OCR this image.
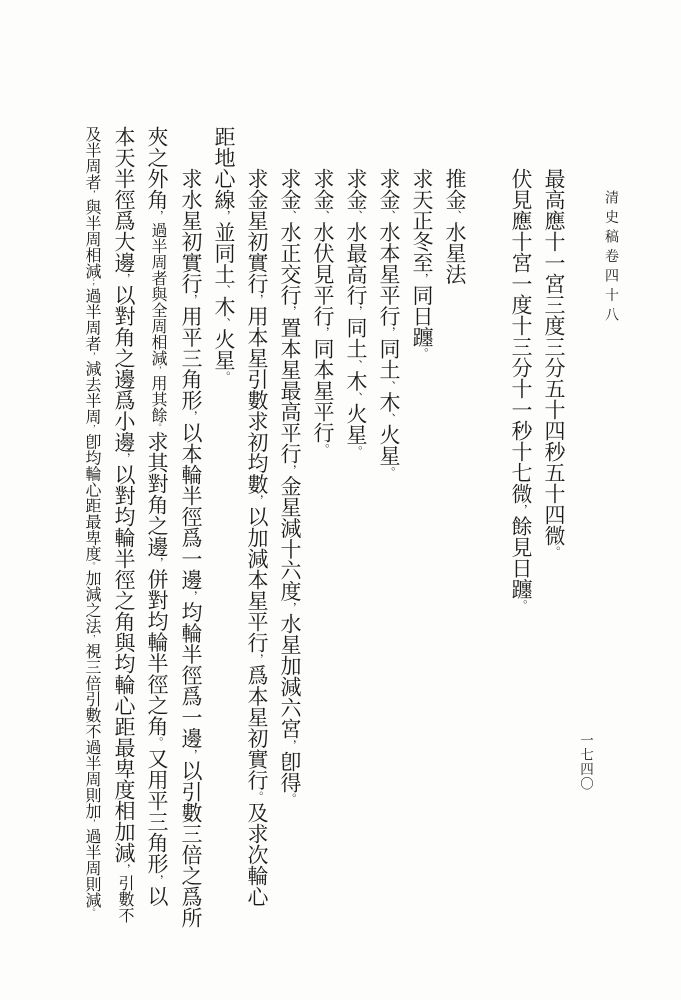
清史稿卷四十八
一七四〇
最高應十一宮三度三分五十四秒五十四微。
伏見應十宮一度十三分十一秒十七微，餘見日躔。
推金、水星法
求天正冬至，同日躔。
求金、水本星平行，同土、木、火星。
求金、水最高行，同土、木、火星。
求金、水伏見平行，同本星平行。
求金、水正交行，置本星最高平行，金星減十六度，水星加減六宮，卽得。
求金星初實行，用本星引數求初均數，以加減本星平行，爲本星初實行。及求次輪心
距地心線，並同土、木、火星。
求水星初實行，用平三角形，以本輪半徑爲一邊，均輪半徑爲一邊，以引數三倍之爲所
夾之外角，過半周者與全周相減，用其餘。求其對角之邊，併對均輪半徑之角。又用平三角形，以
本天半徑爲大邊，以對角之邊爲小邊，以對均輪半徑之角與均輪心距最卑度相加減，引數不
及半周者，與半周相減；過半周者，減去半周，卽均輪心距最卑度。加減之法，視三倍引數不過半周則加，過半周則減。
